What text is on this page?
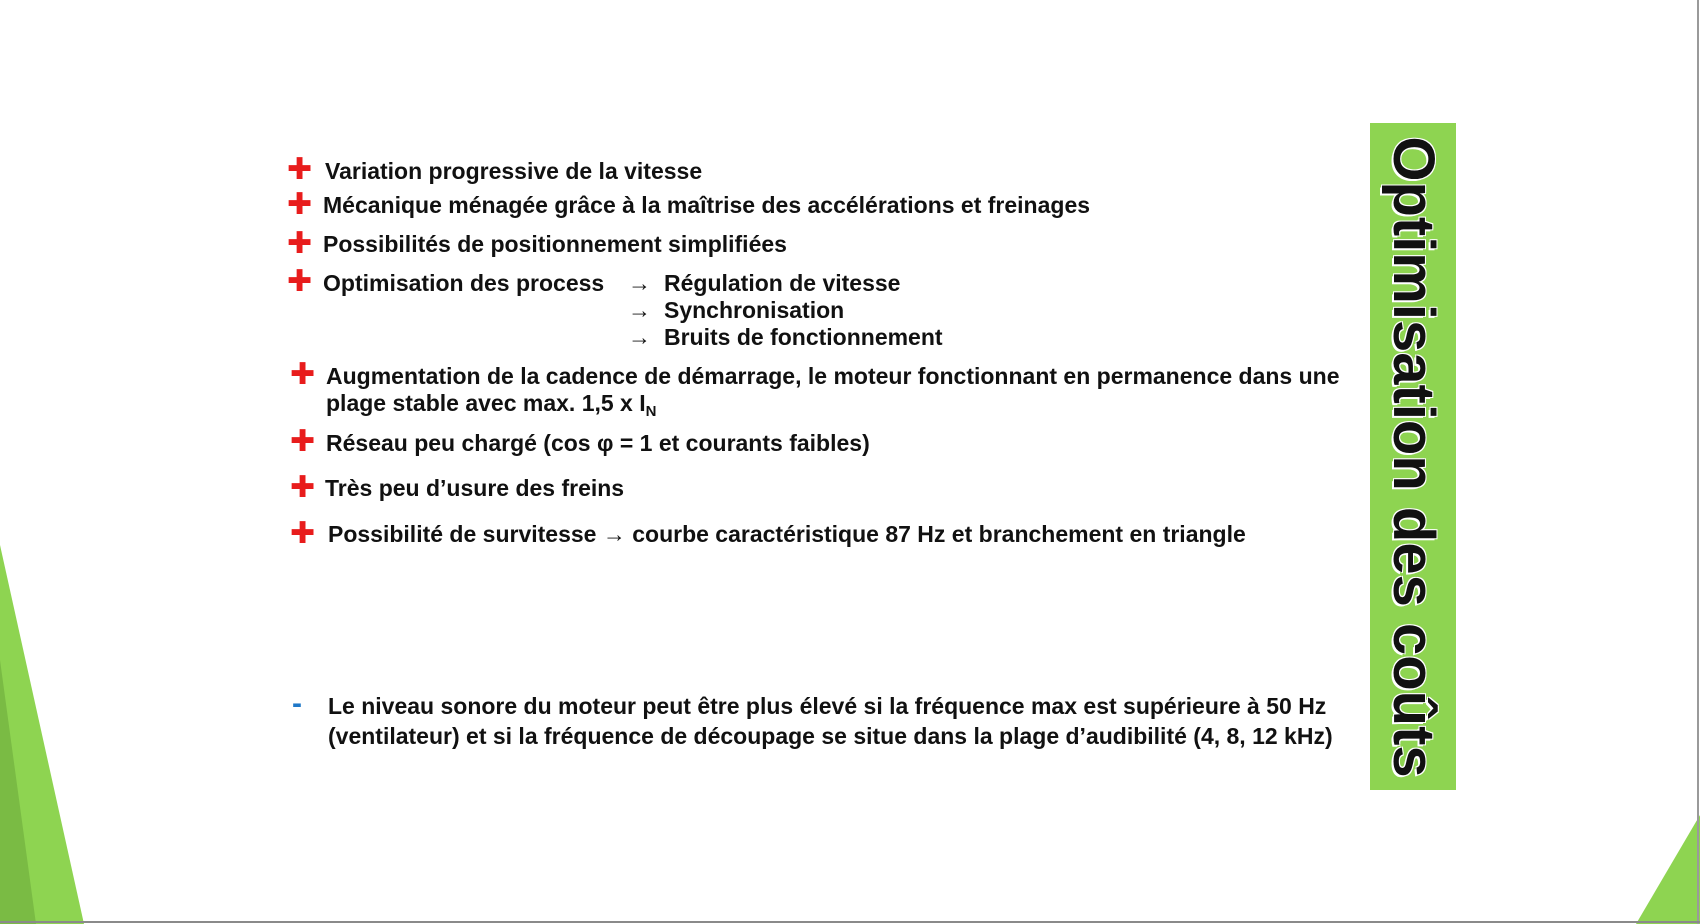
✚ Variation progressive de la vitesse
✚ Mécanique ménagée grâce à la maîtrise des accélérations et freinages
✚ Possibilités de positionnement simplifiées
✚ Optimisation des process → Régulation de vitesse
→ Synchronisation
→ Bruits de fonctionnement
✚ Augmentation de la cadence de démarrage, le moteur fonctionnant en permanence dans une
plage stable avec max. 1,5 x $I_N$
✚ Réseau peu chargé (cos φ = 1 et courants faibles)
✚ Très peu d’usure des freins
✚ Possibilité de survitesse → courbe caractéristique 87 Hz et branchement en triangle
- Le niveau sonore du moteur peut être plus élevé si la fréquence max est supérieure à 50 Hz
(ventilateur) et si la fréquence de découpage se situe dans la plage d’audibilité (4, 8, 12 kHz) Optimisation des coûts
